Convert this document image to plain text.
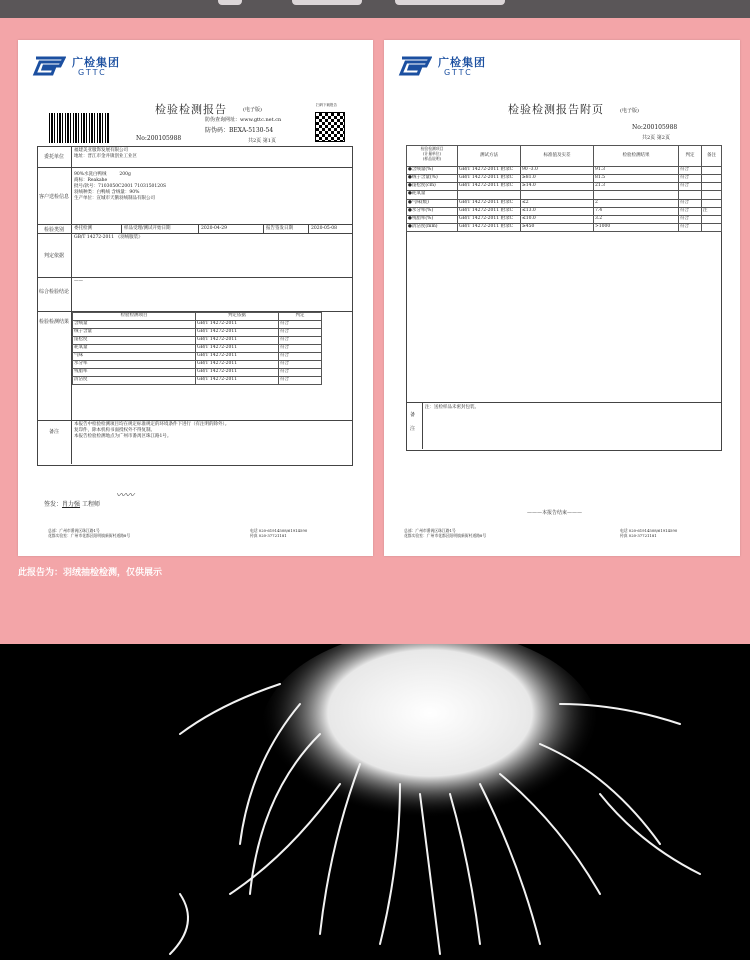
广检集团
GTTC
检验检测报告	(电子版)
扫码下载报告
防伪查询网址：www.gttc.net.cn
防伪码：BEXA-5130-54
No:200105988	共2页 第1页
委托单位
福建美亚服饰发展有限公司
地址：晋江市金井镇创业工业区
客户送检信息
90%水洗白鸭绒         200g
商标：Reakahe
批号/款号：7103050C2001 7103150120S
羽绒种类：白鸭绒 含绒量：90%
生产单位：宣城市天鹅羽绒制品有限公司
检验类别	委托检测	样品受理/测试开始日期	2020-04-29	报告签发日期	2020-05-08
判定依据
GB/T 14272-2011 《羽绒服装》
综合检验结论
——
检验检测结果
检验检测项目	判定依据	判定
含绒量	GB/T 14272-2011	符合
绒子含量	GB/T 14272-2011	符合
蓬松度	GB/T 14272-2011	符合
耗氧量	GB/T 14272-2011	符合
气味	GB/T 14272-2011	符合
水分率	GB/T 14272-2011	符合
残脂率	GB/T 14272-2011	符合
清洁度	GB/T 14272-2011	符合
备注
本报告中检验检测项目均在规定标准规定的环境条件下进行（有注明的除外）。
复印件，除本机构书面授权外不得复制。
本报告检验检测地点为广州市番禺区珠江路1号。
签发：肖力强 工程师
〰〰
总部：广州市番禺区珠江路1号
花都实验室：广州市花都区阳明镇新街村道路8号
电话 020-61914508/61914590
传真 020-37721181
广检集团
GTTC
检验检测报告附页	(电子版)
No:200105988
共2页 第2页
检验检测项目
(计量单位)
(样品说明)	测试方法	标准值及实差	检验检测结果	判定	备注
●含绒量(%)	GB/T 14272-2011 附录C	90 -3.0	91.3	符合	
●绒子含量(%)	GB/T 14272-2011 附录C	≥81.0	81.5	符合	
●蓬松度(cm)	GB/T 14272-2011 附录C	≥14.0	21.3	符合	
●耗氧量					
●气味(级)	GB/T 14272-2011 附录C	≤2	2	符合	
●水分率(%)	GB/T 14272-2011 附录C	≤13.0	7.4	符合	注
●残脂率(%)	GB/T 14272-2011 附录C	≤10.0	3.2	符合	
●清洁度(mm)	GB/T 14272-2011 附录C	≥450	>1000	符合	
备注
注：送检样品未密封包装。
———本报告结束———
总部：广州市番禺区珠江路1号
花都实验室：广州市花都区阳明镇新街村道路8号
电话 020-61914508/61914590
传真 020-37721181
此报告为：羽绒抽检检测，仅供展示
